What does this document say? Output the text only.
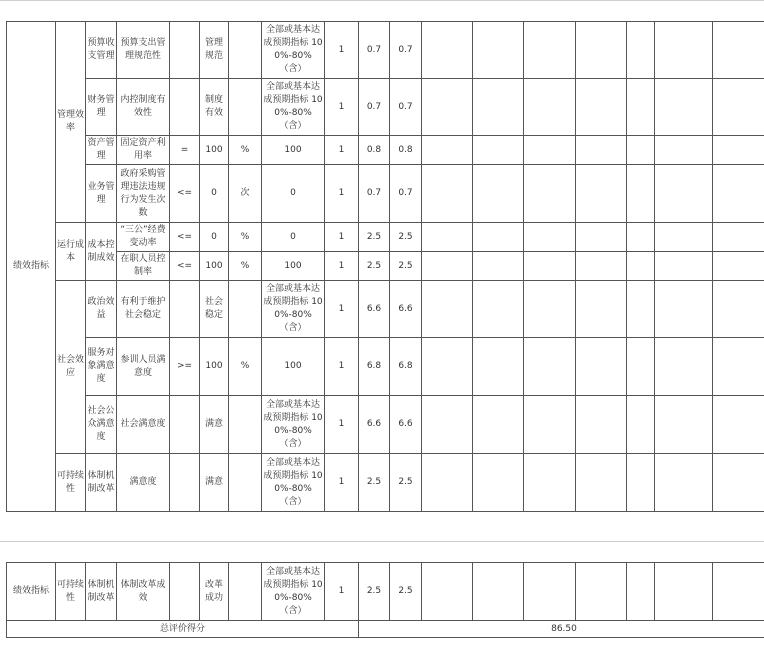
绩效指标	管理效率	预算收支管理	预算支出管理规范性		管理规范		全部或基本达成预期指标 100%-80%（含）	1	0.7	0.7							
		财务管理	内控制度有效性		制度有效		全部或基本达成预期指标 100%-80%（含）	1	0.7	0.7							
		资产管理	固定资产利用率	=	100	%	100	1	0.8	0.8							
		业务管理	政府采购管理违法违规行为发生次数	<=	0	次	0	1	0.7	0.7							
	运行成本	成本控制成效	“三公”经费变动率	<=	0	%	0	1	2.5	2.5							
			在职人员控制率	<=	100	%	100	1	2.5	2.5							
	社会效应	政治效益	有利于维护社会稳定		社会稳定		全部或基本达成预期指标 100%-80%（含）	1	6.6	6.6							
		服务对象满意度	参训人员满意度	>=	100	%	100	1	6.8	6.8							
		社会公众满意度	社会满意度		满意		全部或基本达成预期指标 100%-80%（含）	1	6.6	6.6							
	可持续性	体制机制改革	满意度		满意		全部或基本达成预期指标 100%-80%（含）	1	2.5	2.5							
绩效指标	可持续性	体制机制改革	体制改革成效		改革成功		全部或基本达成预期指标 100%-80%（含）	1	2.5	2.5							
总评价得分									86.50								
